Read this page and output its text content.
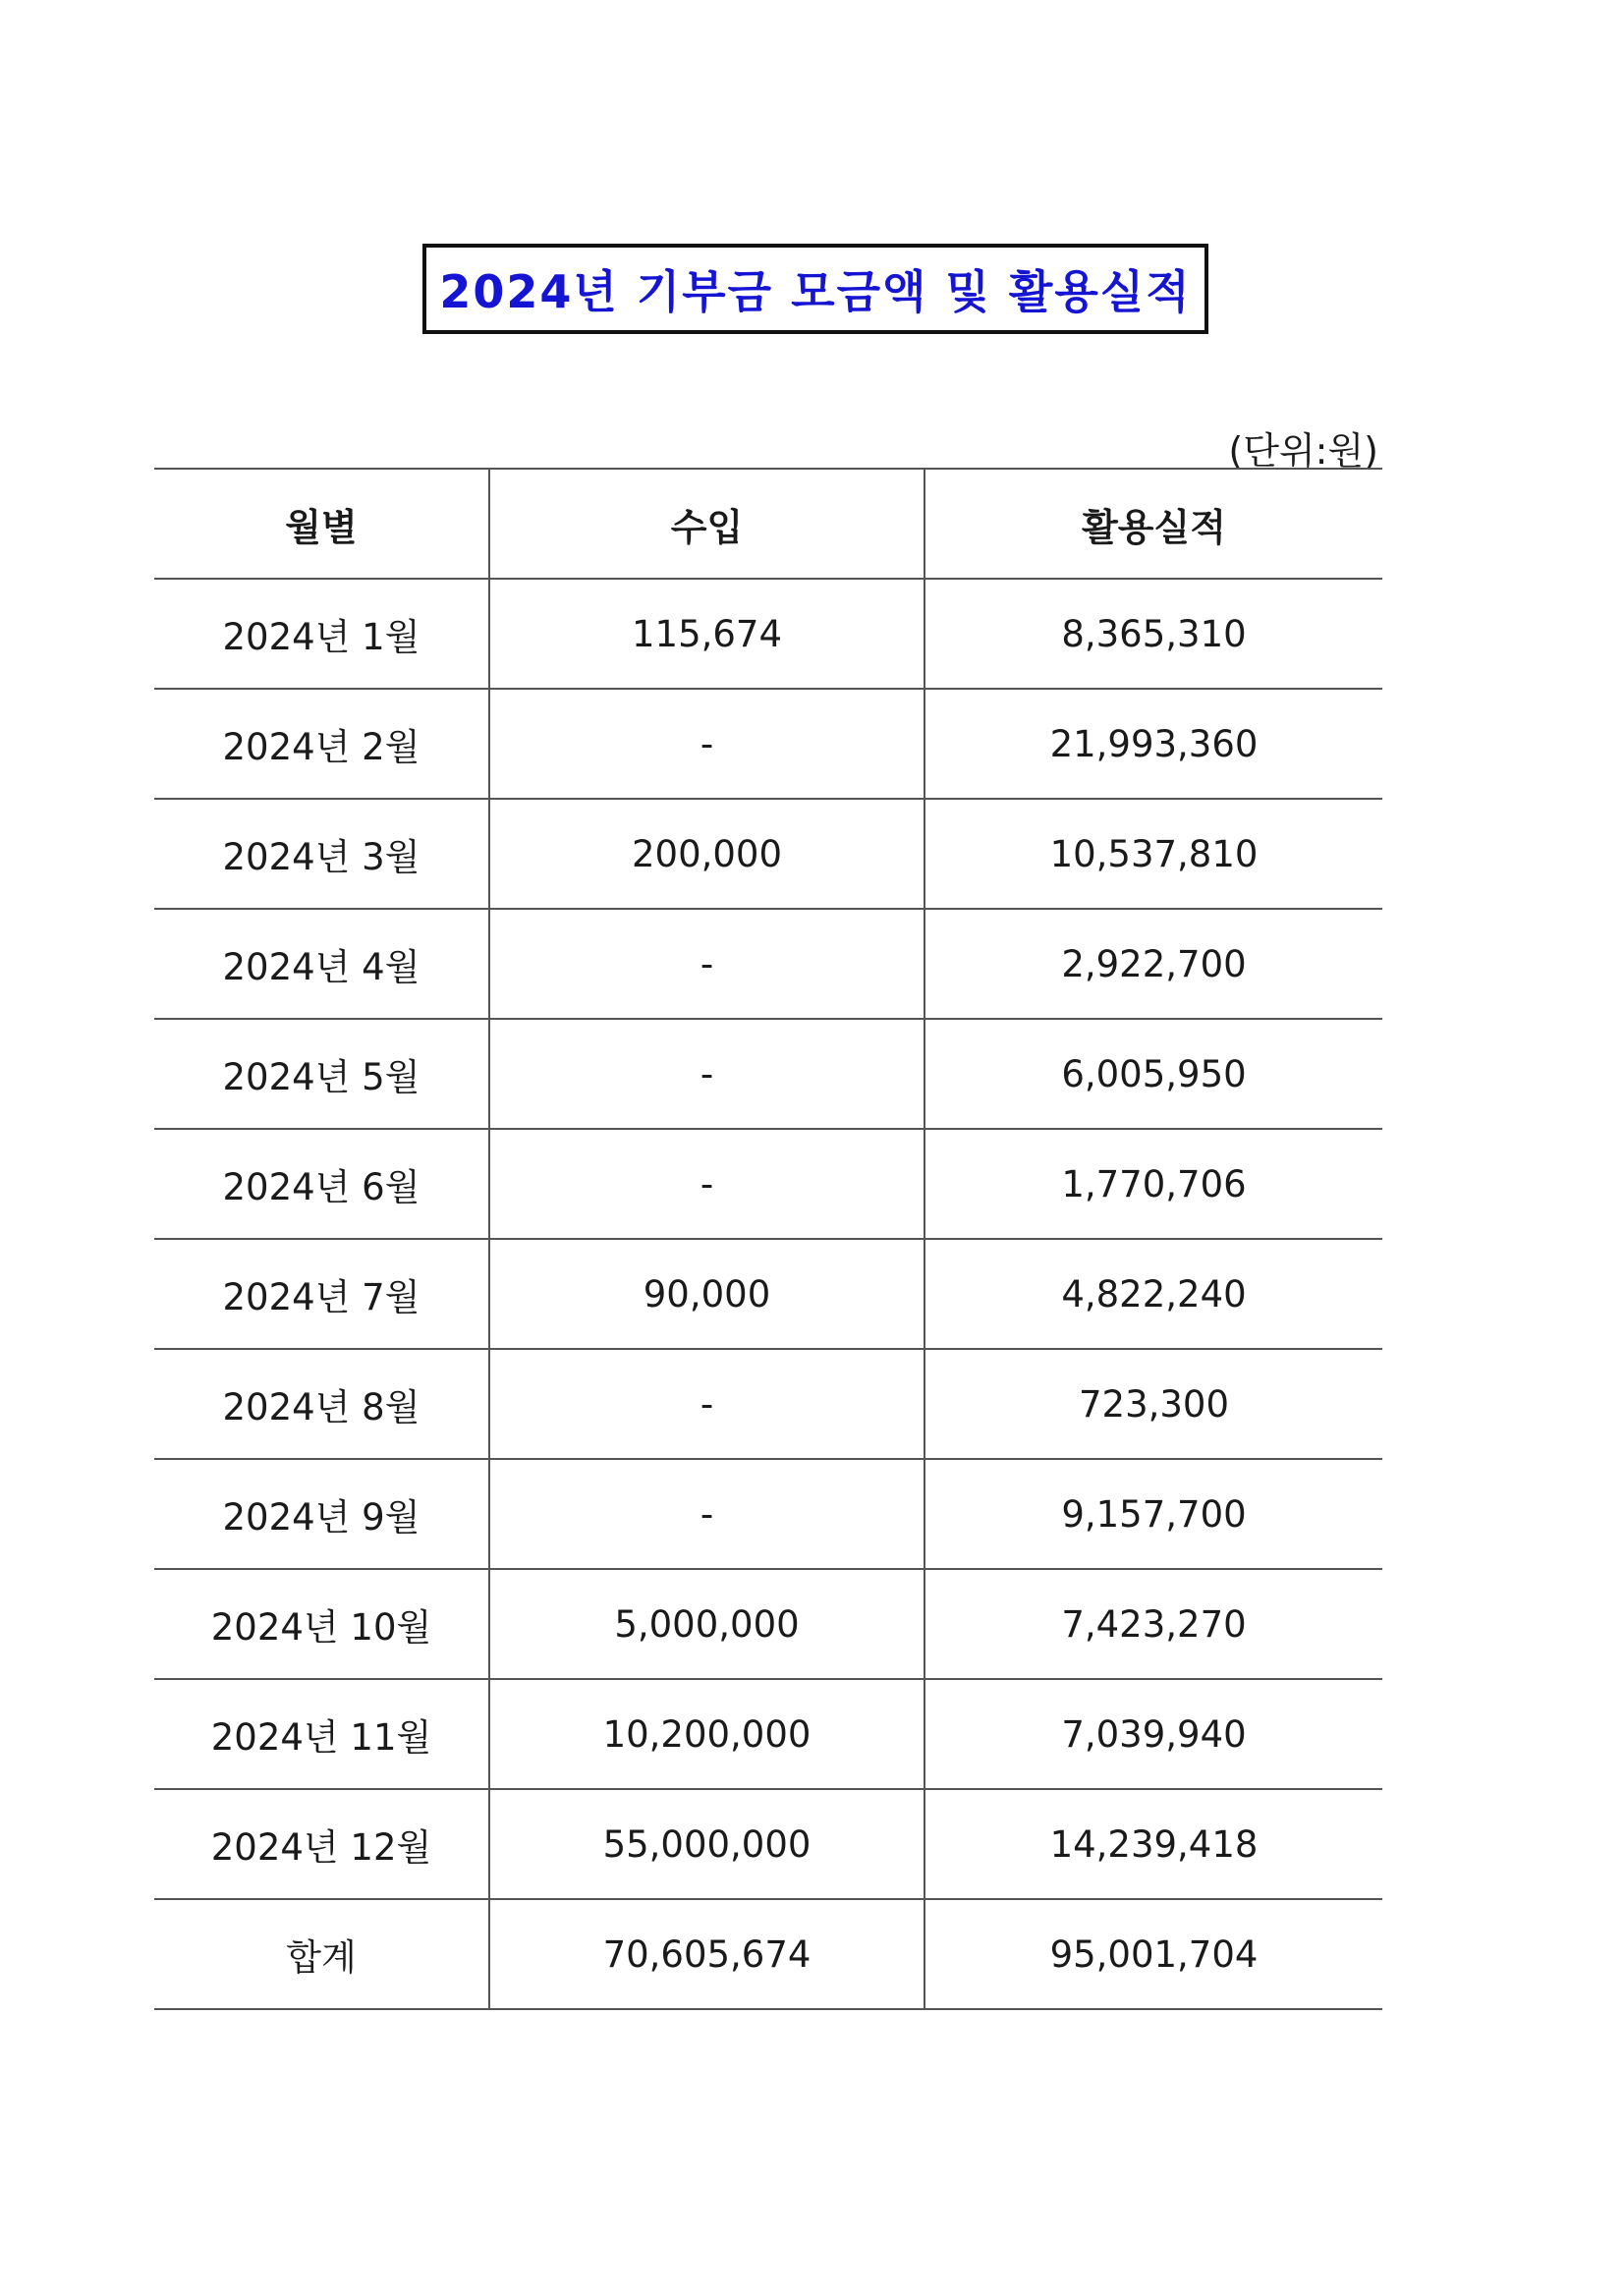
2024년 기부금 모금액 및 활용실적
(단위:원)
월별	수입	활용실적
2024년 1월	115,674	8,365,310
2024년 2월	-	21,993,360
2024년 3월	200,000	10,537,810
2024년 4월	-	2,922,700
2024년 5월	-	6,005,950
2024년 6월	-	1,770,706
2024년 7월	90,000	4,822,240
2024년 8월	-	723,300
2024년 9월	-	9,157,700
2024년 10월	5,000,000	7,423,270
2024년 11월	10,200,000	7,039,940
2024년 12월	55,000,000	14,239,418
합계	70,605,674	95,001,704
